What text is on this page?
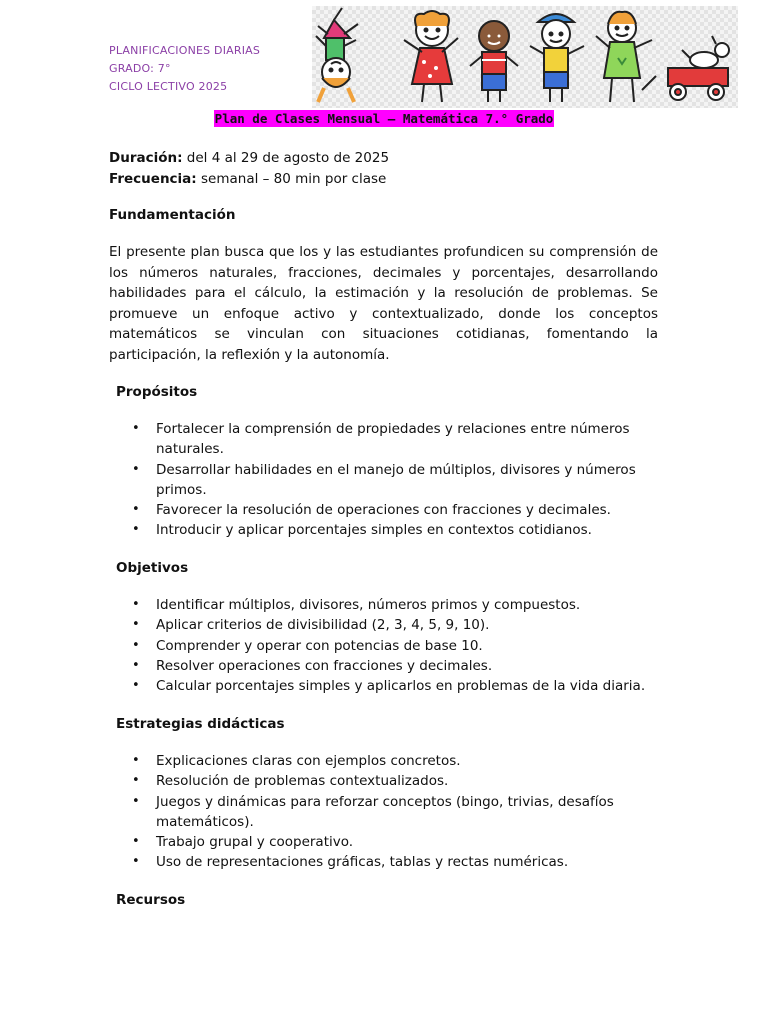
PLANIFICACIONES DIARIAS
GRADO: 7°
CICLO LECTIVO 2025
Plan de Clases Mensual – Matemática 7.° Grado
Duración: del 4 al 29 de agosto de 2025
Frecuencia: semanal – 80 min por clase
Fundamentación
El presente plan busca que los y las estudiantes profundicen su comprensión de los números naturales, fracciones, decimales y porcentajes, desarrollando habilidades para el cálculo, la estimación y la resolución de problemas. Se promueve un enfoque activo y contextualizado, donde los conceptos matemáticos se vinculan con situaciones cotidianas, fomentando la participación, la reflexión y la autonomía.
Propósitos
• Fortalecer la comprensión de propiedades y relaciones entre números naturales.
• Desarrollar habilidades en el manejo de múltiplos, divisores y números primos.
• Favorecer la resolución de operaciones con fracciones y decimales.
• Introducir y aplicar porcentajes simples en contextos cotidianos.
Objetivos
• Identificar múltiplos, divisores, números primos y compuestos.
• Aplicar criterios de divisibilidad (2, 3, 4, 5, 9, 10).
• Comprender y operar con potencias de base 10.
• Resolver operaciones con fracciones y decimales.
• Calcular porcentajes simples y aplicarlos en problemas de la vida diaria.
Estrategias didácticas
• Explicaciones claras con ejemplos concretos.
• Resolución de problemas contextualizados.
• Juegos y dinámicas para reforzar conceptos (bingo, trivias, desafíos matemáticos).
• Trabajo grupal y cooperativo.
• Uso de representaciones gráficas, tablas y rectas numéricas.
Recursos
